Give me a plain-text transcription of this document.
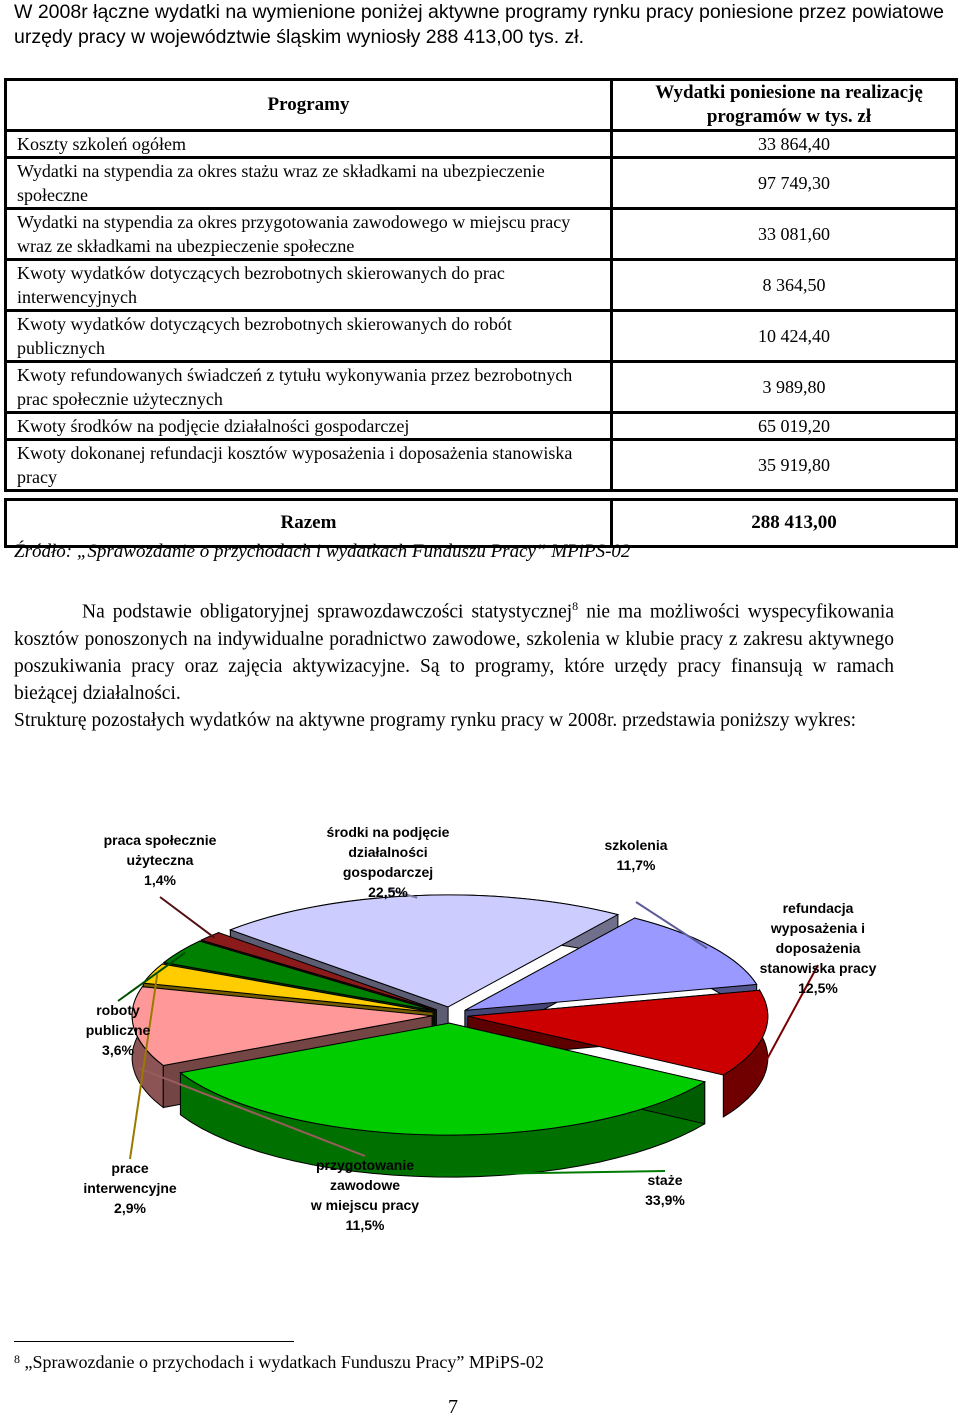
W 2008r łączne wydatki na wymienione poniżej aktywne programy rynku pracy poniesione przez powiatowe urzędy pracy w województwie śląskim wyniosły 288 413,00 tys. zł.
Programy	Wydatki poniesione na realizację programów w tys. zł
Koszty szkoleń ogółem	33 864,40
Wydatki na stypendia za okres stażu wraz ze składkami na ubezpieczenie społeczne	97 749,30
Wydatki na stypendia za okres przygotowania zawodowego w miejscu pracy wraz ze składkami na ubezpieczenie społeczne	33 081,60
Kwoty wydatków dotyczących bezrobotnych skierowanych do prac interwencyjnych	8 364,50
Kwoty wydatków dotyczących bezrobotnych skierowanych do robót publicznych	10 424,40
Kwoty refundowanych świadczeń z tytułu wykonywania przez bezrobotnych prac społecznie użytecznych	3 989,80
Kwoty środków na podjęcie działalności gospodarczej	65 019,20
Kwoty dokonanej refundacji kosztów wyposażenia i doposażenia stanowiska pracy	35 919,80

Razem	288 413,00
Źródło: „Sprawozdanie o przychodach i wydatkach Funduszu Pracy” MPiPS-02

Na podstawie obligatoryjnej sprawozdawczości statystycznej$^8$ nie ma możliwości wyspecyfikowania kosztów ponoszonych na indywidualne poradnictwo zawodowe, szkolenia w klubie pracy z zakresu aktywnego poszukiwania pracy oraz zajęcia aktywizacyjne. Są to programy, które urzędy pracy finansują w ramach bieżącej działalności.

Strukturę pozostałych wydatków na aktywne programy rynku pracy w 2008r. przedstawia poniższy wykres:

praca społecznie użyteczna 1,4%
środki na podjęcie działalności gospodarczej 22,5%
szkolenia 11,7%
refundacja wyposażenia i doposażenia stanowiska pracy 12,5%
staże 33,9%
przygotowanie zawodowe w miejscu pracy 11,5%
prace interwencyjne 2,9%
roboty publiczne 3,6%
$^8$ „Sprawozdanie o przychodach i wydatkach Funduszu Pracy” MPiPS-02
7
